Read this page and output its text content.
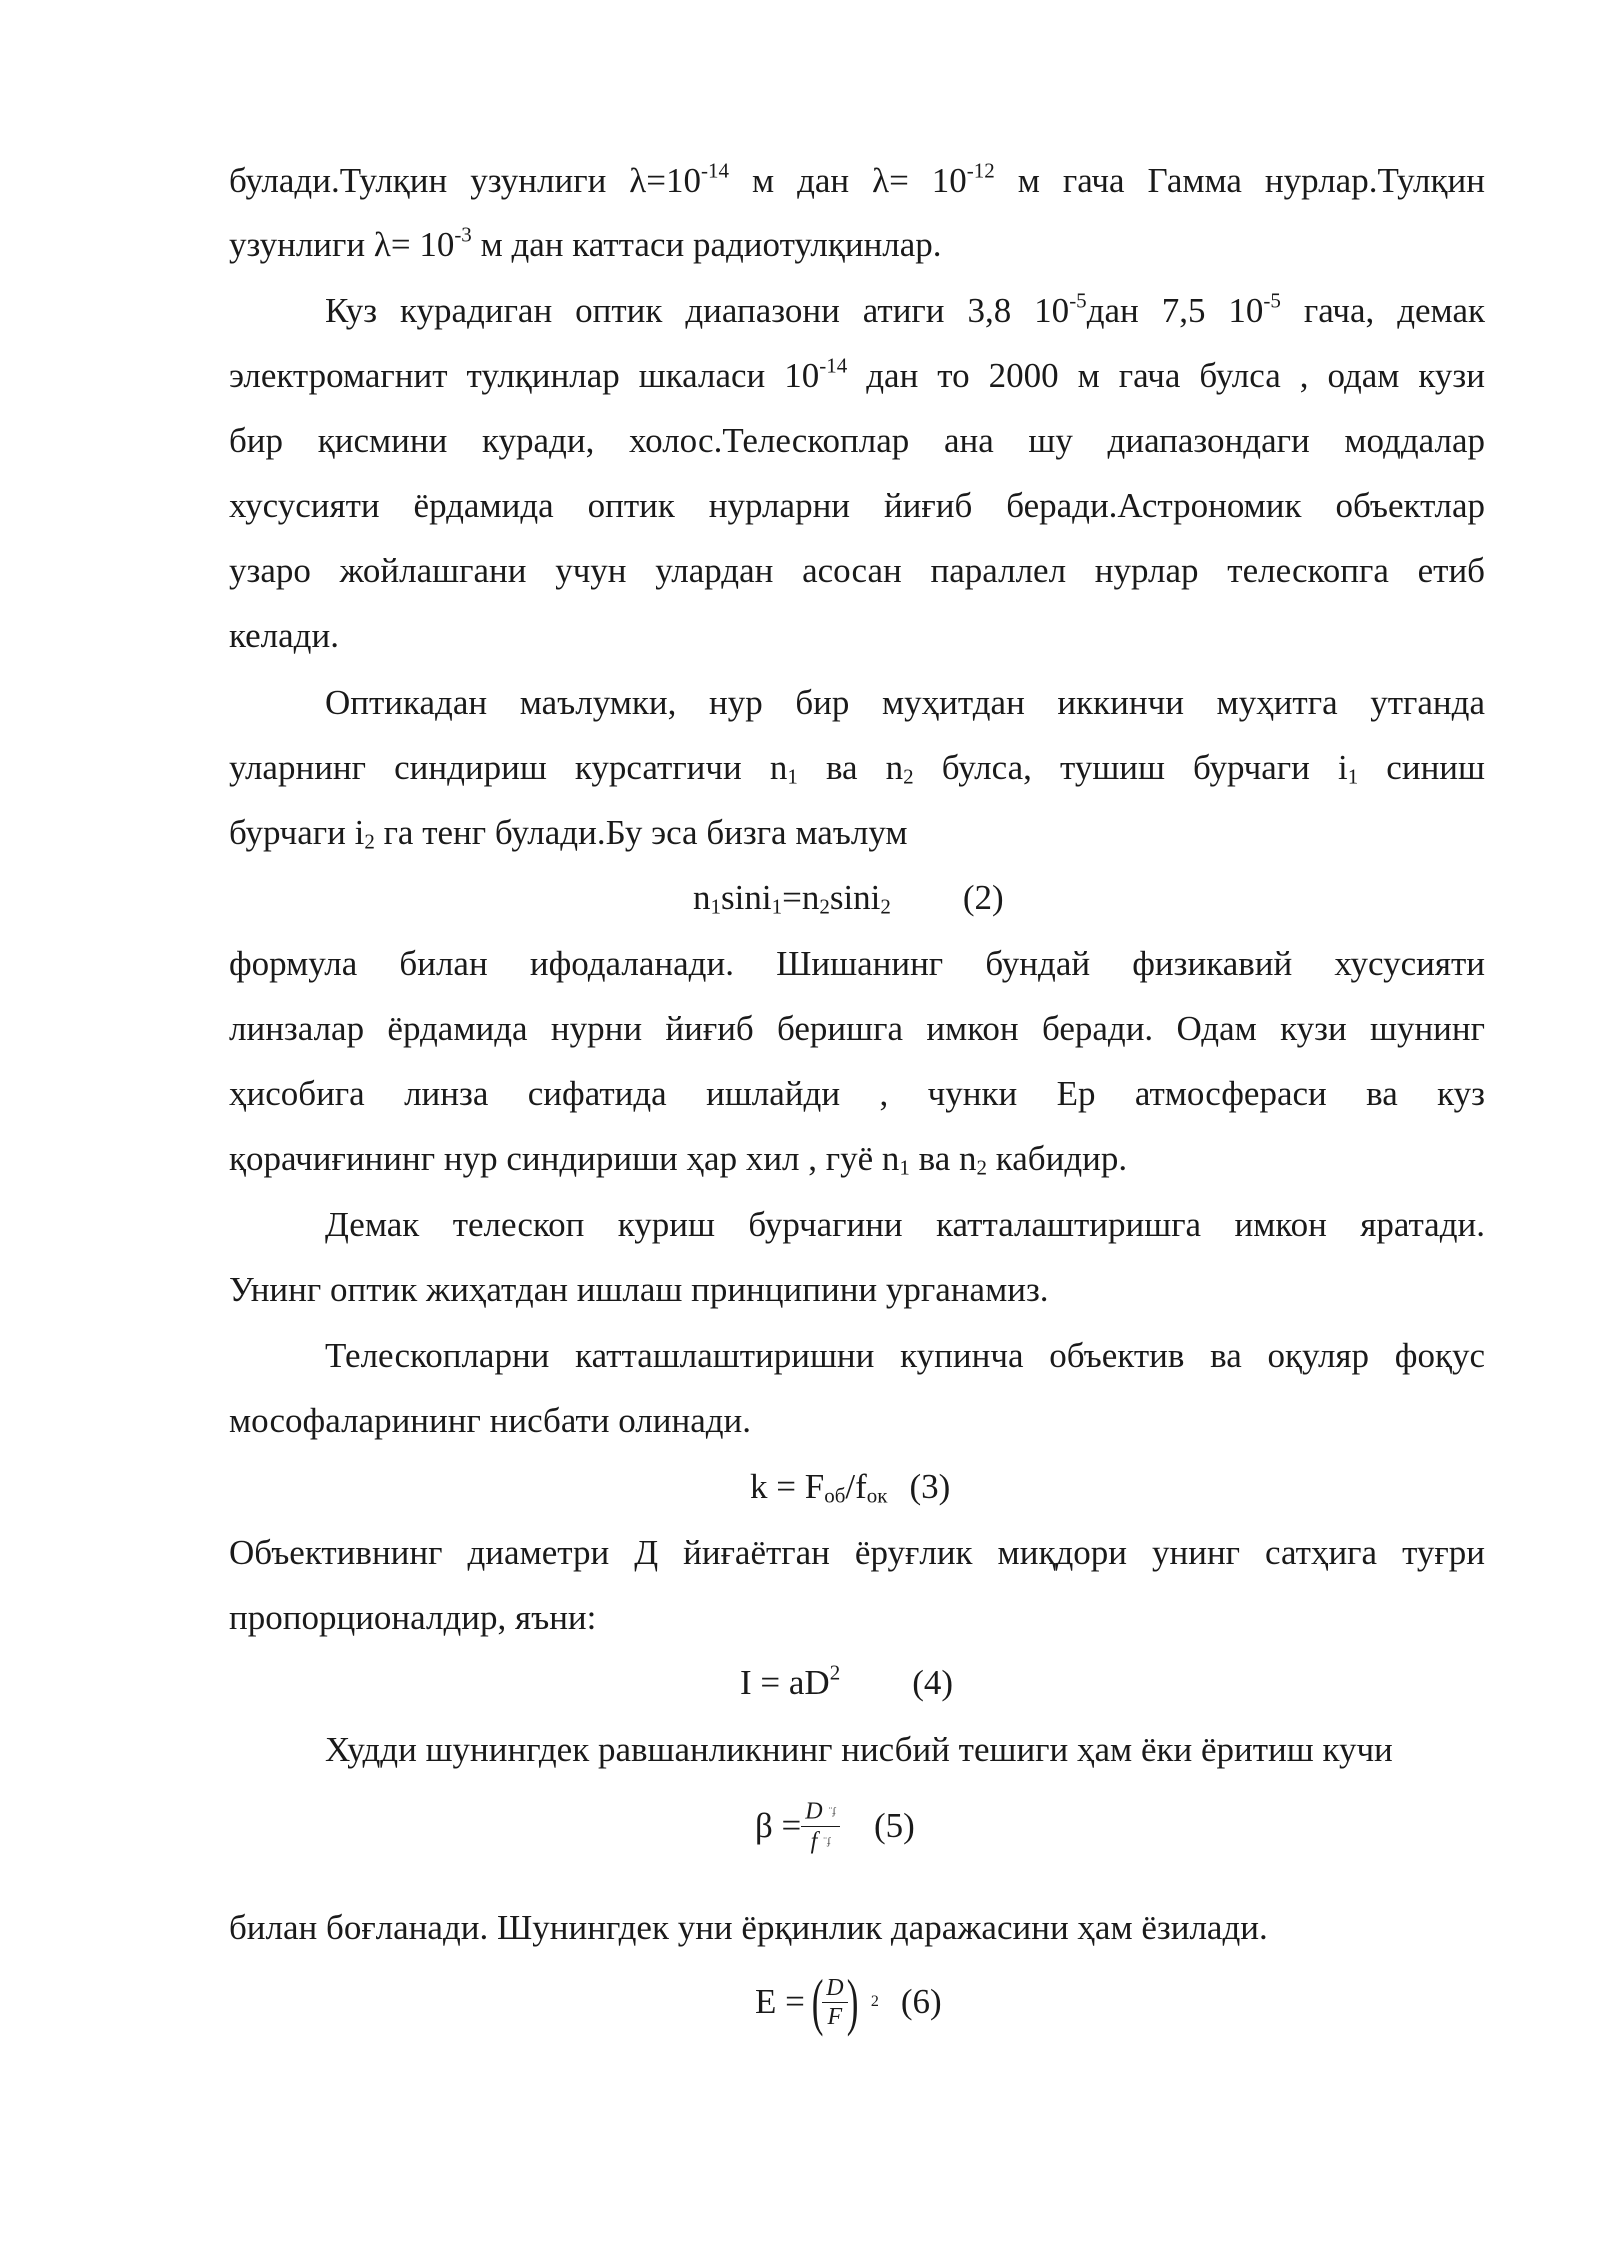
булади.Тулқин узунлиги $\lambda=10^{-14}$ м дан $\lambda= 10^{-12}$ м гача Гамма нурлар.Тулқин
узунлиги $\lambda= 10^{-3}$ м дан каттаси радиотулқинлар.
Куз курадиган оптик диапазони атиги 3,8 $10^{-5}дан$ 7,5 $10^{-5}$ гача, демак
электромагнит тулқинлар шкаласи $10^{-14}$ дан то 2000 м гача булса , одам кузи
бир қисмини куради, холос.Телескоплар ана шу диапазондаги моддалар
хусусияти ёрдамида оптик нурларни йиғиб беради.Астрономик объектлар
узаро жойлашгани учун улардан асосан параллел нурлар телескопга етиб
келади.
Оптикадан маълумки, нур бир муҳитдан иккинчи муҳитга утганда
уларнинг синдириш курсатгичи $n_1$ ва $n_2$ булса, тушиш бурчаги $i_1$ синиш
бурчаги $i_2$ га тенг булади.Бу эса бизга маълум
$n_1\sin i_1=n_2\sin i_2$ (2)
формула билан ифодаланади. Шишанинг бундай физикавий хусусияти
линзалар ёрдамида нурни йиғиб беришга имкон беради. Одам кузи шунинг
ҳисобига линза сифатида ишлайди , чунки Ер атмосфераси ва куз
қорачиғининг нур синдириши ҳар хил , гуё $n_1$ ва $n_2$ кабидир.
Демак телескоп куриш бурчагини катталаштиришга имкон яратади.
Унинг оптик жиҳатдан ишлаш принципини урганамиз.
Телескопларни катташлаштиришни купинча объектив ва оқуляр фоқус
мософаларининг нисбати олинади.
$k = F_{об}/f_{ок}$ (3)
Объективнинг диаметри Д йиғаётган ёруғлик миқдори унинг сатҳига туғри
пропорционалдир, яъни:
$I = aD^2$ (4)
Худди шунингдек равшанликнинг нисбий тешиги ҳам ёки ёритиш кучи
$\beta = \frac{\text{D ¨ʄ}}{\text{f ¨ʄ}} (5)$
билан боғланади. Шунингдек уни ёрқинлик даражасини ҳам ёзилади.
E = (
$\frac{D}{F}$
) 2 (6)
